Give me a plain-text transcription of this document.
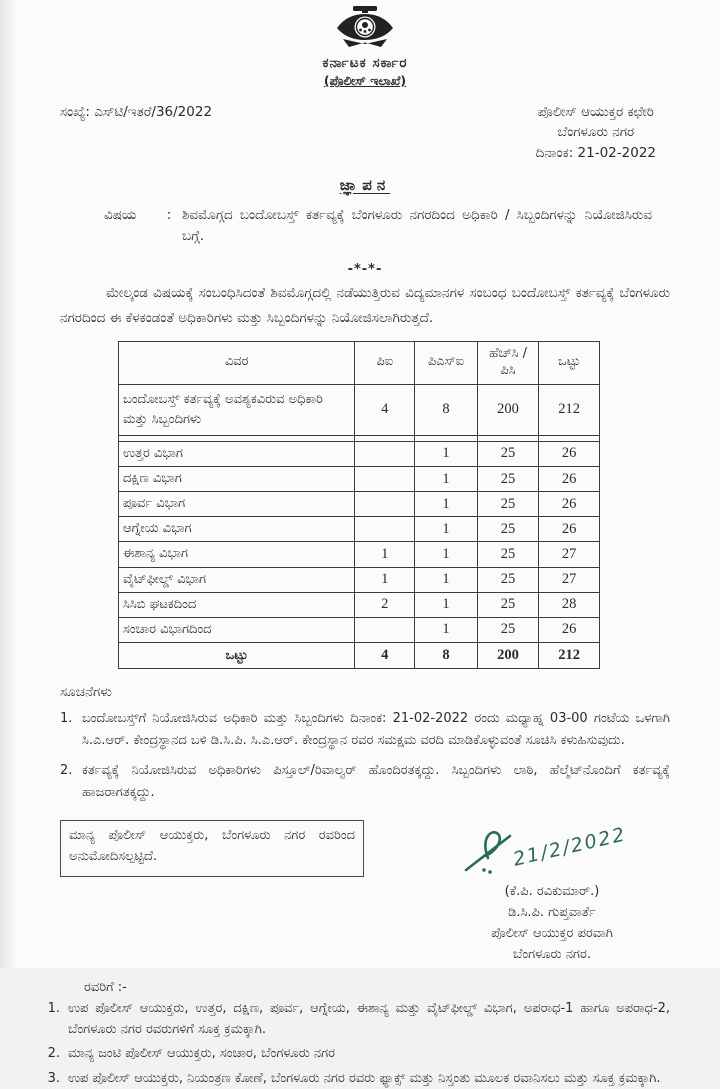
ಕರ್ನಾಟಕ ಸರ್ಕಾರ
(ಪೊಲೀಸ್ ಇಲಾಖೆ)
ಸಂಖ್ಯೆ: ಎಸ್‌ಟಿ/ಇತರೆ/36/2022	ಪೊಲೀಸ್ ಆಯುಕ್ತರ ಕಛೇರಿ
ಬೆಂಗಳೂರು ನಗರ
ದಿನಾಂಕ: 21-02-2022
ಜ್ಞಾಪನ
ವಿಷಯ	: ಶಿವಮೊಗ್ಗದ ಬಂದೋಬಸ್ತ್ ಕರ್ತವ್ಯಕ್ಕೆ ಬೆಂಗಳೂರು ನಗರದಿಂದ ಅಧಿಕಾರಿ / ಸಿಬ್ಬಂದಿಗಳನ್ನು ನಿಯೋಜಿಸಿರುವ ಬಗ್ಗೆ.
-*-*-
ಮೇಲ್ಕಂಡ ವಿಷಯಕ್ಕೆ ಸಂಬಂಧಿಸಿದಂತೆ ಶಿವಮೊಗ್ಗದಲ್ಲಿ ನಡೆಯುತ್ತಿರುವ ವಿದ್ಯಮಾನಗಳ ಸಂಬಂಧ ಬಂದೋಬಸ್ತ್ ಕರ್ತವ್ಯಕ್ಕೆ ಬೆಂಗಳೂರು ನಗರದಿಂದ ಈ ಕೆಳಕಂಡಂತೆ ಅಧಿಕಾರಿಗಳು ಮತ್ತು ಸಿಬ್ಬಂದಿಗಳನ್ನು ನಿಯೋಜಿಸಲಾಗಿರುತ್ತದೆ.
ವಿವರ	ಪಿಐ	ಪಿಎಸ್ಐ	ಹೆಚ್‌ಸಿ / ಪಿಸಿ	ಒಟ್ಟು
ಬಂದೋಬಸ್ತ್ ಕರ್ತವ್ಯಕ್ಕೆ ಅವಶ್ಯಕವಿರುವ ಅಧಿಕಾರಿ ಮತ್ತು ಸಿಬ್ಬಂದಿಗಳು	4	8	200	212

ಉತ್ತರ ವಿಭಾಗ		1	25	26
ದಕ್ಷಿಣ ವಿಭಾಗ		1	25	26
ಪೂರ್ವ ವಿಭಾಗ		1	25	26
ಆಗ್ನೇಯ ವಿಭಾಗ		1	25	26
ಈಶಾನ್ಯ ವಿಭಾಗ	1	1	25	27
ವೈಟ್‌ಫೀಲ್ಡ್ ವಿಭಾಗ	1	1	25	27
ಸಿಸಿಬಿ ಘಟಕದಿಂದ	2	1	25	28
ಸಂಚಾರ ವಿಭಾಗದಿಂದ		1	25	26
ಒಟ್ಟು	4	8	200	212
ಸೂಚನೆಗಳು
1. ಬಂದೋಬಸ್ತ್‌ಗೆ ನಿಯೋಜಿಸಿರುವ ಅಧಿಕಾರಿ ಮತ್ತು ಸಿಬ್ಬಂದಿಗಳು ದಿನಾಂಕ: 21-02-2022 ರಂದು ಮಧ್ಯಾಹ್ನ 03-00 ಗಂಟೆಯ ಒಳಗಾಗಿ ಸಿ.ಎ.ಆರ್. ಕೇಂದ್ರಸ್ಥಾನದ ಬಳಿ ಡಿ.ಸಿ.ಪಿ. ಸಿ.ಎ.ಆರ್. ಕೇಂದ್ರಸ್ಥಾನ ರವರ ಸಮಕ್ಷಮ ವರದಿ ಮಾಡಿಕೊಳ್ಳುವಂತೆ ಸೂಚಿಸಿ ಕಳುಹಿಸುವುದು.
2. ಕರ್ತವ್ಯಕ್ಕೆ ನಿಯೋಜಿಸಿರುವ ಅಧಿಕಾರಿಗಳು ಪಿಸ್ತೂಲ್/ರಿವಾಲ್ವರ್ ಹೊಂದಿರತಕ್ಕದ್ದು. ಸಿಬ್ಬಂದಿಗಳು ಲಾಠಿ, ಹೆಲ್ಮೆಟ್‌ನೊಂದಿಗೆ ಕರ್ತವ್ಯಕ್ಕೆ ಹಾಜರಾಗತಕ್ಕದ್ದು.
ಮಾನ್ಯ ಪೊಲೀಸ್ ಆಯುಕ್ತರು, ಬೆಂಗಳೂರು ನಗರ ರವರಿಂದ ಅನುಮೋದಿಸಲ್ಪಟ್ಟಿದೆ.	21/2/2022
(ಕೆ.ಪಿ. ರವಿಕುಮಾರ್.)
ಡಿ.ಸಿ.ಪಿ. ಗುಪ್ತವಾರ್ತೆ
ಪೊಲೀಸ್ ಆಯುಕ್ತರ ಪರವಾಗಿ
ಬೆಂಗಳೂರು ನಗರ.
ರವರಿಗೆ :-
1. ಉಪ ಪೊಲೀಸ್ ಆಯುಕ್ತರು, ಉತ್ತರ, ದಕ್ಷಿಣ, ಪೂರ್ವ, ಆಗ್ನೇಯ, ಈಶಾನ್ಯ ಮತ್ತು ವೈಟ್‌ಫೀಲ್ಡ್ ವಿಭಾಗ, ಅಪರಾಧ-1 ಹಾಗೂ ಅಪರಾಧ-2, ಬೆಂಗಳೂರು ನಗರ ರವರುಗಳಿಗೆ ಸೂಕ್ತ ಕ್ರಮಕ್ಕಾಗಿ.
2. ಮಾನ್ಯ ಜಂಟಿ ಪೊಲೀಸ್ ಆಯುಕ್ತರು, ಸಂಚಾರ, ಬೆಂಗಳೂರು ನಗರ
3. ಉಪ ಪೊಲೀಸ್ ಆಯುಕ್ತರು, ನಿಯಂತ್ರಣ ಕೋಣೆ, ಬೆಂಗಳೂರು ನಗರ ರವರು ಫ್ಯಾಕ್ಸ್ ಮತ್ತು ನಿಸ್ತಂತು ಮೂಲಕ ರವಾನಿಸಲು ಮತ್ತು ಸೂಕ್ತ ಕ್ರಮಕ್ಕಾಗಿ.
